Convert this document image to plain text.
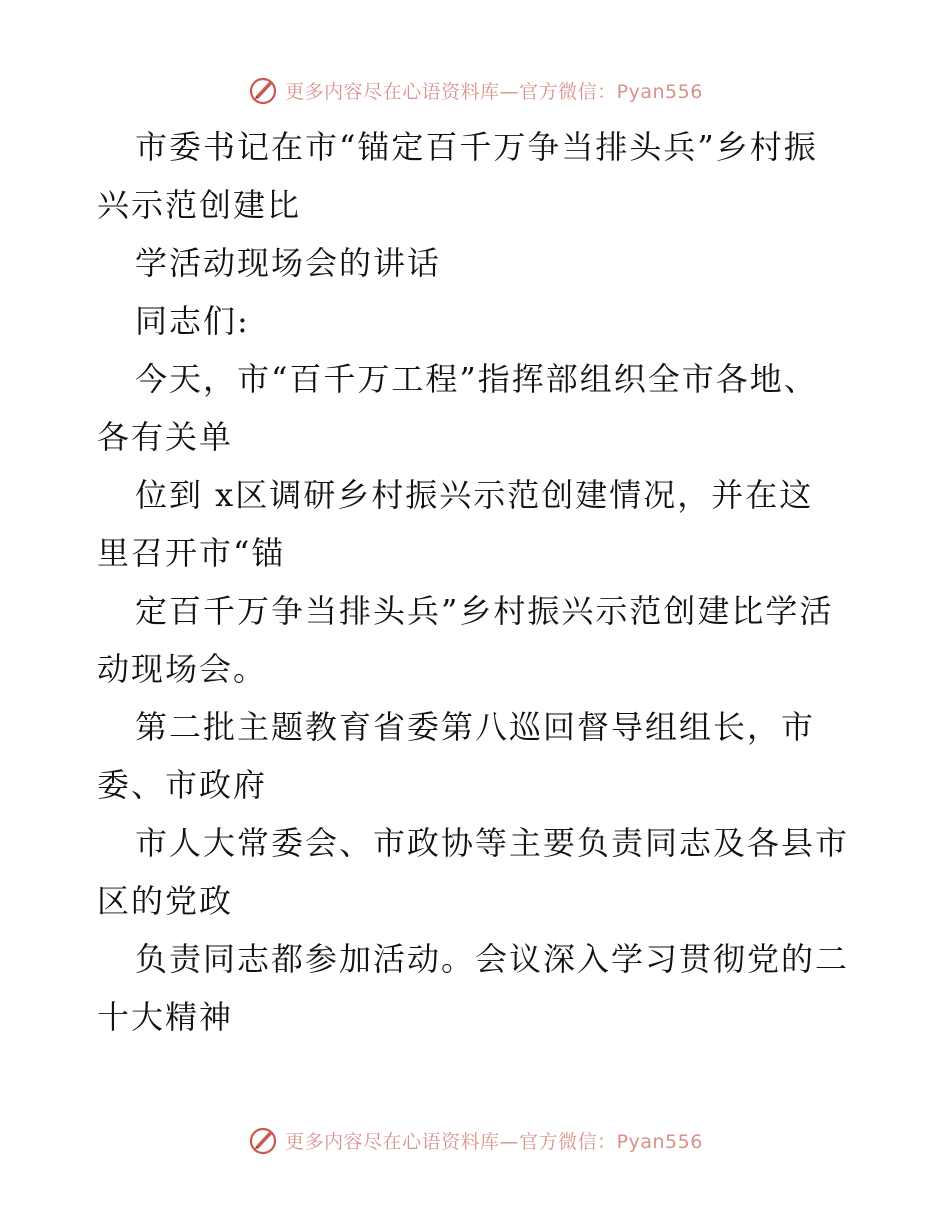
更多内容尽在心语资料库—官方微信：Pyan556
市委书记在市“锚定百千万争当排头兵”乡村振
兴示范创建比
学活动现场会的讲话
同志们:
今天，市“百千万工程”指挥部组织全市各地、
各有关单
位到 x区调研乡村振兴示范创建情况，并在这
里召开市“锚
定百千万争当排头兵”乡村振兴示范创建比学活
动现场会。
第二批主题教育省委第八巡回督导组组长，市
委、市政府
市人大常委会、市政协等主要负责同志及各县市
区的党政
负责同志都参加活动。会议深入学习贯彻党的二
十大精神
更多内容尽在心语资料库—官方微信：Pyan556
